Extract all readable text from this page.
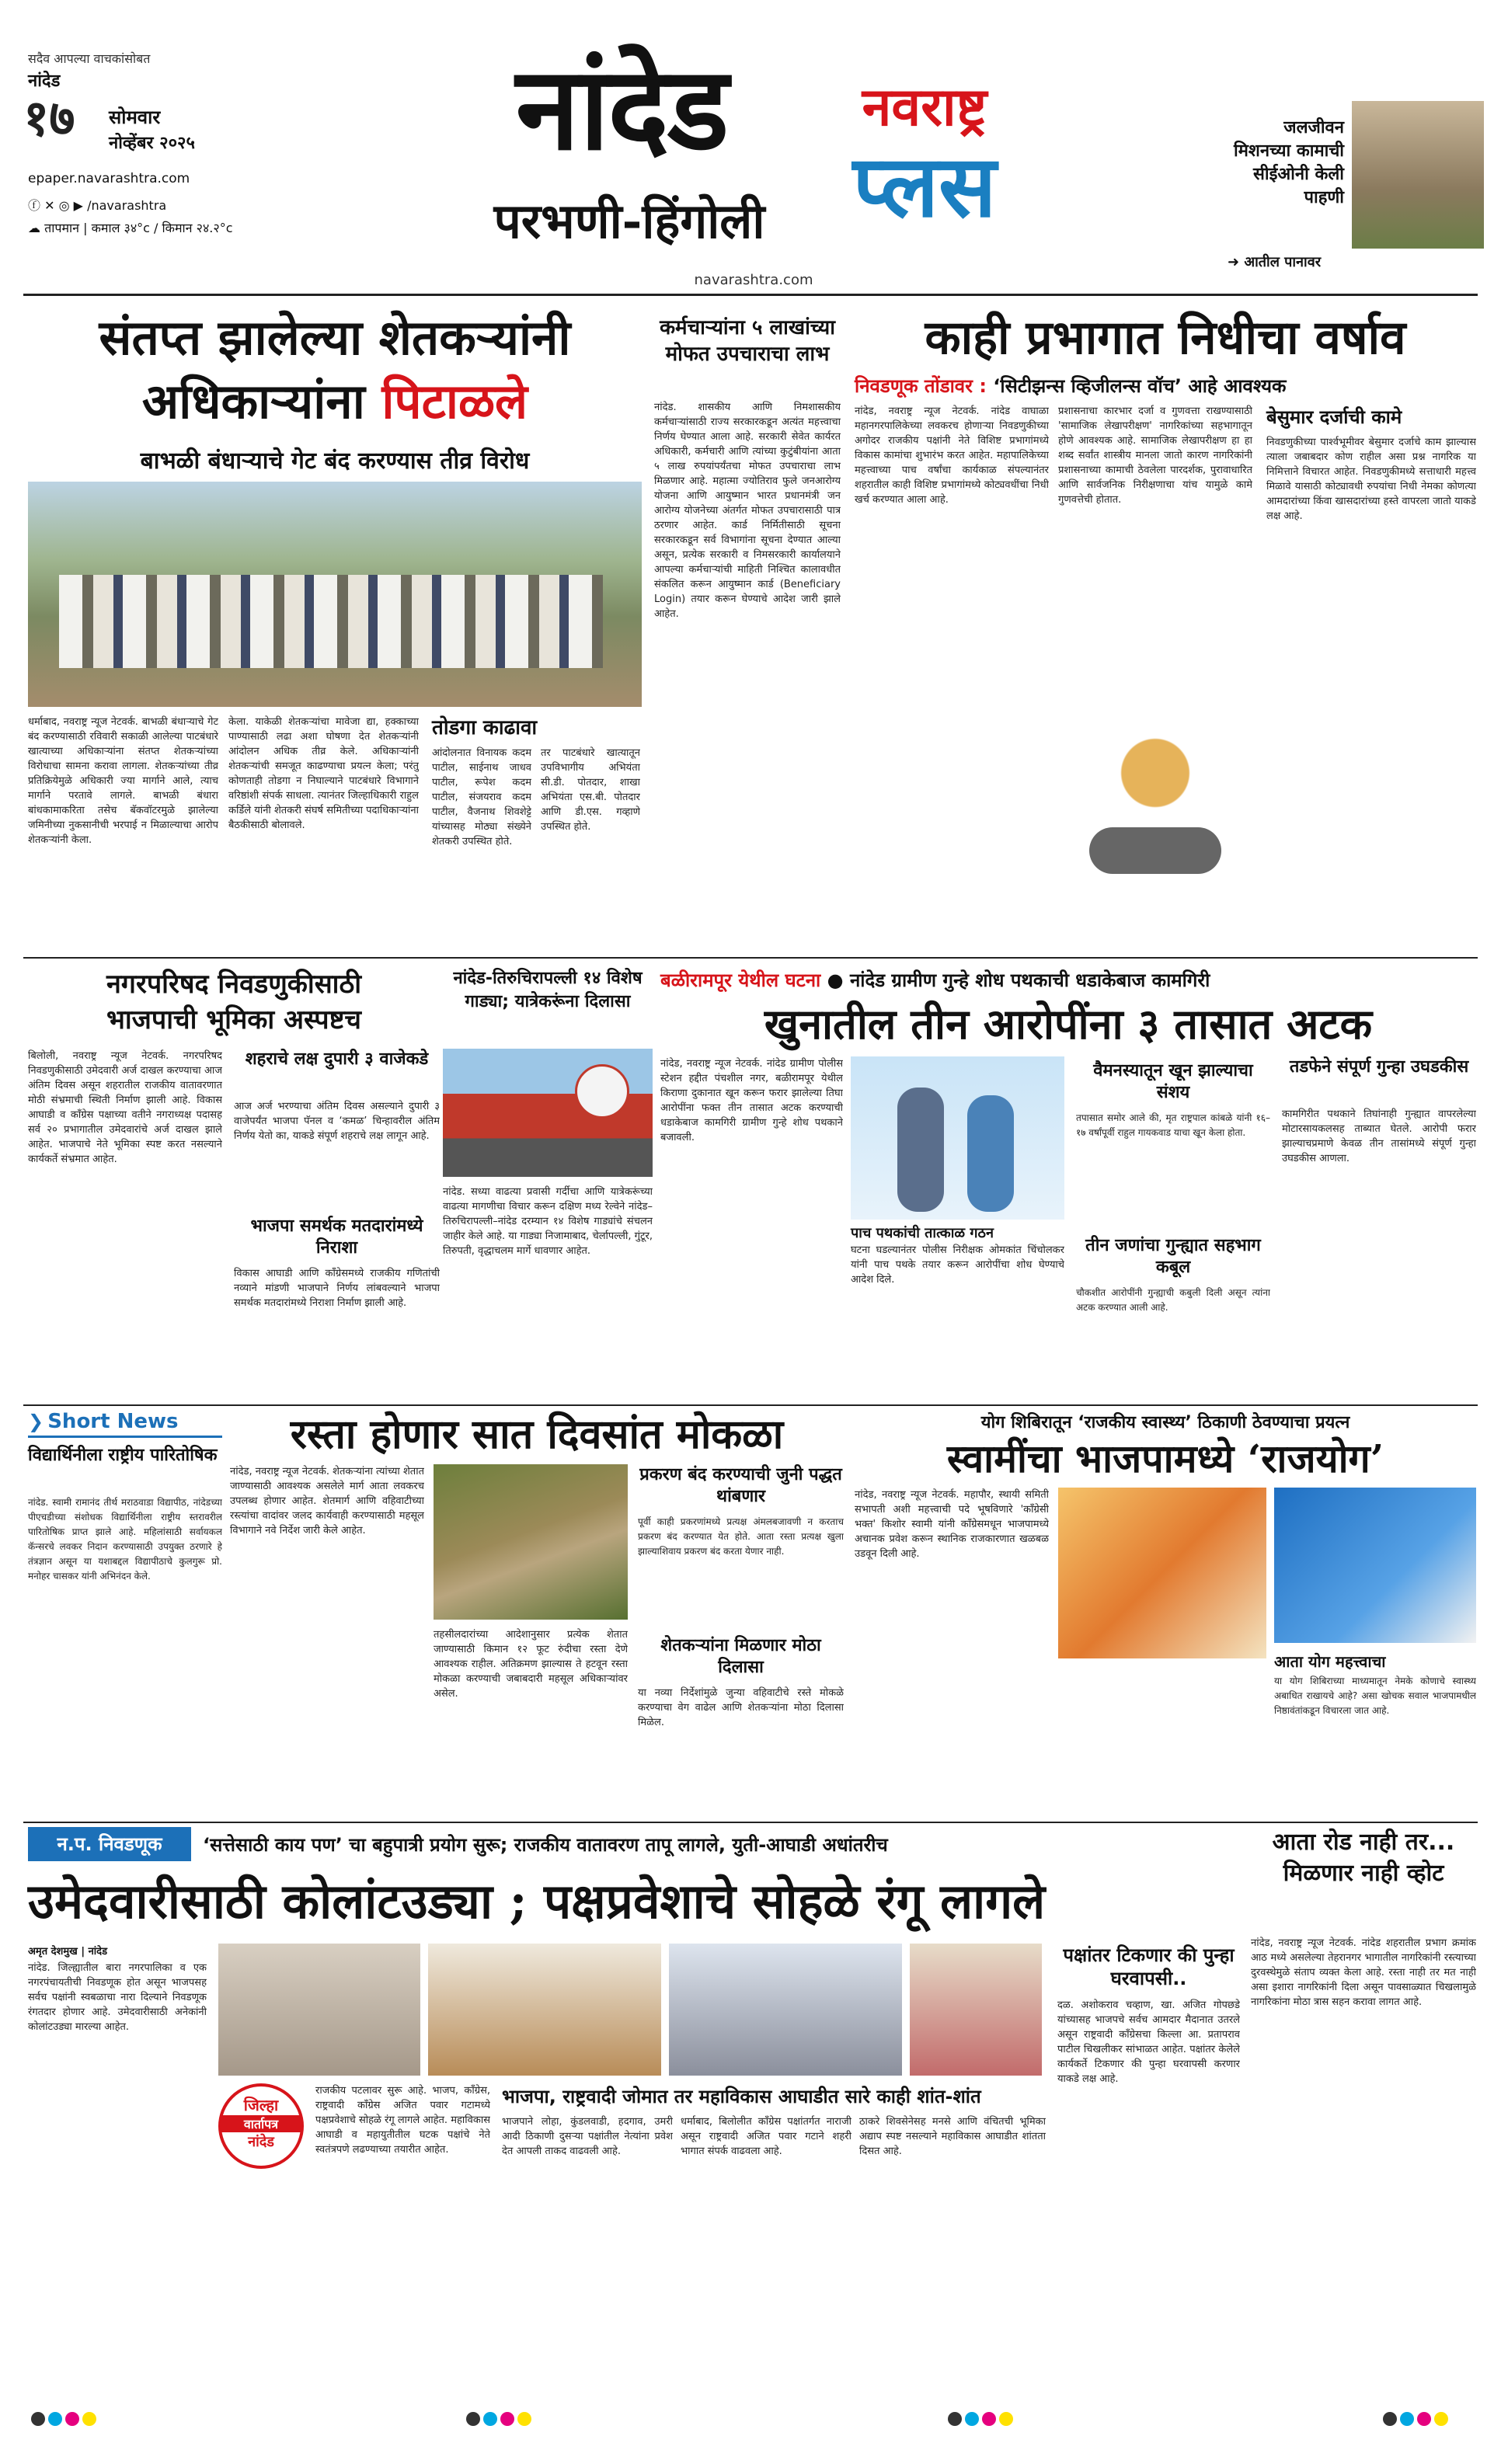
सदैव आपल्या वाचकांसोबत
नांदेड
१७ सोमवार
नोव्हेंबर २०२५
epaper.navarashtra.com
ⓕ ✕ ◎ ▶ /navarashtra
☁ तापमान | कमाल ३४°c / किमान २४.२°c
नांदेड
परभणी-हिंगोली
नवराष्ट्र
प्लस
navarashtra.com
जलजीवन मिशनच्या कामाची सीईओनी केली पाहणी
➜ आतील पानावर
संतप्त झालेल्या शेतकऱ्यांनी
अधिकाऱ्यांना पिटाळले
बाभळी बंधाऱ्याचे गेट बंद करण्यास तीव्र विरोध
धर्माबाद, नवराष्ट्र न्यूज नेटवर्क. बाभळी बंधाऱ्याचे गेट बंद करण्यासाठी रविवारी सकाळी आलेल्या पाटबंधारे खात्याच्या अधिकाऱ्यांना संतप्त शेतकऱ्यांच्या विरोधाचा सामना करावा लागला. शेतकऱ्यांच्या तीव्र प्रतिक्रियेमुळे अधिकारी ज्या मार्गाने आले, त्याच मार्गाने परतावे लागले. बाभळी बंधारा बांधकामाकरिता तसेच बॅकवॉटरमुळे झालेल्या जमिनीच्या नुकसानीची भरपाई न मिळाल्याचा आरोप शेतकऱ्यांनी केला.
केला. याकेळी शेतकऱ्यांचा मावेजा द्या, हक्काच्या पाण्यासाठी लढा अशा घोषणा देत शेतकऱ्यांनी आंदोलन अधिक तीव्र केले. अधिकाऱ्यांनी शेतकऱ्यांची समजूत काढण्याचा प्रयत्न केला; परंतु कोणताही तोडगा न निघाल्याने पाटबंधारे विभागाने वरिष्ठांशी संपर्क साधला. त्यानंतर जिल्हाधिकारी राहुल कर्डिले यांनी शेतकरी संघर्ष समितीच्या पदाधिकाऱ्यांना बैठकीसाठी बोलावले.
तोडगा काढावा
आंदोलनात विनायक कदम पाटील, साईनाथ जाधव पाटील, रूपेश कदम पाटील, संजयराव कदम पाटील, वैजनाथ शिवशेट्टे यांच्यासह मोठ्या संख्येने शेतकरी उपस्थित होते.
तर पाटबंधारे खात्यातून उपविभागीय अभियंता सी.डी. पोतदार, शाखा अभियंता एस.बी. पोतदार आणि डी.एस. गव्हाणे उपस्थित होते.
कर्मचाऱ्यांना ५ लाखांच्या मोफत उपचाराचा लाभ
नांदेड. शासकीय आणि निमशासकीय कर्मचाऱ्यांसाठी राज्य सरकारकडून अत्यंत महत्त्वाचा निर्णय घेण्यात आला आहे. सरकारी सेवेत कार्यरत अधिकारी, कर्मचारी आणि त्यांच्या कुटुंबीयांना आता ५ लाख रुपयांपर्यंतचा मोफत उपचाराचा लाभ मिळणार आहे. महात्मा ज्योतिराव फुले जनआरोग्य योजना आणि आयुष्मान भारत प्रधानमंत्री जन आरोग्य योजनेच्या अंतर्गत मोफत उपचारासाठी पात्र ठरणार आहेत. कार्ड निर्मितीसाठी सूचना सरकारकडून सर्व विभागांना सूचना देण्यात आल्या असून, प्रत्येक सरकारी व निमसरकारी कार्यालयाने आपल्या कर्मचाऱ्यांची माहिती निश्चित कालावधीत संकलित करून आयुष्मान कार्ड (Beneficiary Login) तयार करून घेण्याचे आदेश जारी झाले आहेत.
काही प्रभागात निधीचा वर्षाव
निवडणूक तोंडावर : ‘सिटीझन्स व्हिजीलन्स वॉच’ आहे आवश्यक
नांदेड, नवराष्ट्र न्यूज नेटवर्क. नांदेड वाघाळा महानगरपालिकेच्या लवकरच होणाऱ्या निवडणुकीच्या अगोदर राजकीय पक्षांनी नेते विशिष्ट प्रभागांमध्ये विकास कामांचा शुभारंभ करत आहेत. महापालिकेच्या महत्त्वाच्या पाच वर्षांचा कार्यकाळ संपल्यानंतर शहरातील काही विशिष्ट प्रभागांमध्ये कोट्यवधींचा निधी खर्च करण्यात आला आहे.
प्रशासनाचा कारभार दर्जा व गुणवत्ता राखण्यासाठी 'सामाजिक लेखापरीक्षण' नागरिकांच्या सहभागातून होणे आवश्यक आहे. सामाजिक लेखापरीक्षण हा हा शब्द सर्वांत शास्त्रीय मानला जातो कारण नागरिकांनी प्रशासनाच्या कामाची ठेवलेला पारदर्शक, पुरावाधारित आणि सार्वजनिक निरीक्षणाचा यांच यामुळे कामे गुणवत्तेची होतात.
बेसुमार दर्जाची कामे
निवडणुकीच्या पार्श्वभूमीवर बेसुमार दर्जाचे काम झाल्यास त्याला जबाबदार कोण राहील असा प्रश्न नागरिक या निमित्ताने विचारत आहेत. निवडणुकीमध्ये सत्ताधारी महत्त्व मिळावे यासाठी कोट्यावधी रुपयांचा निधी नेमका कोणत्या आमदारांच्या किंवा खासदारांच्या हस्ते वापरला जातो याकडे लक्ष आहे.
नगरपरिषद निवडणुकीसाठी
भाजपाची भूमिका अस्पष्टच
बिलोली, नवराष्ट्र न्यूज नेटवर्क. नगरपरिषद निवडणुकीसाठी उमेदवारी अर्ज दाखल करण्याचा आज अंतिम दिवस असून शहरातील राजकीय वातावरणात मोठी संभ्रमाची स्थिती निर्माण झाली आहे. विकास आघाडी व काँग्रेस पक्षाच्या वतीने नगराध्यक्ष पदासह सर्व २० प्रभागातील उमेदवारांचे अर्ज दाखल झाले आहेत. भाजपाचे नेते भूमिका स्पष्ट करत नसल्याने कार्यकर्ते संभ्रमात आहेत.
शहराचे लक्ष दुपारी ३ वाजेकडे
आज अर्ज भरण्याचा अंतिम दिवस असल्याने दुपारी ३ वाजेपर्यंत भाजपा पॅनल व ‘कमळ’ चिन्हावरील अंतिम निर्णय येतो का, याकडे संपूर्ण शहराचे लक्ष लागून आहे.
भाजपा समर्थक मतदारांमध्ये निराशा
विकास आघाडी आणि काँग्रेसमध्ये राजकीय गणितांची नव्याने मांडणी भाजपाने निर्णय लांबवल्याने भाजपा समर्थक मतदारांमध्ये निराशा निर्माण झाली आहे.
नांदेड-तिरुचिरापल्ली १४ विशेष गाड्या; यात्रेकरूंना दिलासा
नांदेड. सध्या वाढत्या प्रवासी गर्दीचा आणि यात्रेकरूंच्या वाढत्या मागणीचा विचार करून दक्षिण मध्य रेल्वेने नांदेड–तिरुचिरापल्ली–नांदेड दरम्यान १४ विशेष गाड्यांचे संचलन जाहीर केले आहे. या गाड्या निजामाबाद, चेर्लापल्ली, गुंटूर, तिरुपती, वृद्धाचलम मार्गे धावणार आहेत.
बळीरामपूर येथील घटना ● नांदेड ग्रामीण गुन्हे शोध पथकाची धडाकेबाज कामगिरी
खुनातील तीन आरोपींना ३ तासात अटक
नांदेड, नवराष्ट्र न्यूज नेटवर्क. नांदेड ग्रामीण पोलीस स्टेशन हद्दीत पंचशील नगर, बळीरामपूर येथील किराणा दुकानात खून करून फरार झालेल्या तिघा आरोपींना फक्त तीन तासात अटक करण्याची धडाकेबाज कामगिरी ग्रामीण गुन्हे शोध पथकाने बजावली.
पाच पथकांची तात्काळ गठन
घटना घडल्यानंतर पोलीस निरीक्षक ओमकांत चिंचोलकर यांनी पाच पथके तयार करून आरोपींचा शोध घेण्याचे आदेश दिले.
वैमनस्यातून खून झाल्याचा संशय
तपासात समोर आले की, मृत राष्ट्रपाल कांबळे यांनी १६–१७ वर्षांपूर्वी राहुल गायकवाड याचा खून केला होता.
तीन जणांचा गुन्ह्यात सहभाग कबूल
चौकशीत आरोपींनी गुन्ह्याची कबुली दिली असून त्यांना अटक करण्यात आली आहे.
तडफेने संपूर्ण गुन्हा उघडकीस
कामगिरीत पथकाने तिघांनाही गुन्ह्यात वापरलेल्या मोटारसायकलसह ताब्यात घेतले. आरोपी फरार झाल्याचप्रमाणे केवळ तीन तासांमध्ये संपूर्ण गुन्हा उघडकीस आणला.
❯ Short News
विद्यार्थिनीला राष्ट्रीय पारितोषिक
नांदेड. स्वामी रामानंद तीर्थ मराठवाडा विद्यापीठ, नांदेडच्या पीएचडीच्या संशोधक विद्यार्थिनीला राष्ट्रीय स्तरावरील पारितोषिक प्राप्त झाले आहे. महिलांसाठी सर्वायकल कॅन्सरचे लवकर निदान करण्यासाठी उपयुक्त ठरणारे हे तंत्रज्ञान असून या यशाबद्दल विद्यापीठाचे कुलगुरू प्रो. मनोहर चासकर यांनी अभिनंदन केले.
रस्ता होणार सात दिवसांत मोकळा
नांदेड, नवराष्ट्र न्यूज नेटवर्क. शेतकऱ्यांना त्यांच्या शेतात जाण्यासाठी आवश्यक असलेले मार्ग आता लवकरच उपलब्ध होणार आहेत. शेतमार्ग आणि वहिवाटीच्या रस्त्यांचा वादांवर जलद कार्यवाही करण्यासाठी महसूल विभागाने नवे निर्देश जारी केले आहेत.
तहसीलदारांच्या आदेशानुसार प्रत्येक शेतात जाण्यासाठी किमान १२ फूट रुंदीचा रस्ता देणे आवश्यक राहील. अतिक्रमण झाल्यास ते हटवून रस्ता मोकळा करण्याची जबाबदारी महसूल अधिकाऱ्यांवर असेल.
प्रकरण बंद करण्याची जुनी पद्धत थांबणार
पूर्वी काही प्रकरणांमध्ये प्रत्यक्ष अंमलबजावणी न करताच प्रकरण बंद करण्यात येत होते. आता रस्ता प्रत्यक्ष खुला झाल्याशिवाय प्रकरण बंद करता येणार नाही.
शेतकऱ्यांना मिळणार मोठा दिलासा
या नव्या निर्देशांमुळे जुन्या वहिवाटीचे रस्ते मोकळे करण्याचा वेग वाढेल आणि शेतकऱ्यांना मोठा दिलासा मिळेल.
योग शिबिरातून ‘राजकीय स्वास्थ्य’ ठिकाणी ठेवण्याचा प्रयत्न
स्वामींचा भाजपामध्ये ‘राजयोग’
नांदेड, नवराष्ट्र न्यूज नेटवर्क. महापौर, स्थायी समिती सभापती अशी महत्त्वाची पदे भूषविणारे 'काँग्रेसी भक्त' किशोर स्वामी यांनी काँग्रेसमधून भाजपामध्ये अचानक प्रवेश करून स्थानिक राजकारणात खळबळ उडवून दिली आहे.
आता योग महत्त्वाचा
या योग शिबिराच्या माध्यमातून नेमके कोणाचे स्वास्थ्य अबाधित राखायचे आहे? असा खोचक सवाल भाजपामधील निष्ठावंतांकडून विचारला जात आहे.
न.प. निवडणूक	‘सत्तेसाठी काय पण’ चा बहुपात्री प्रयोग सुरू; राजकीय वातावरण तापू लागले, युती-आघाडी अधांतरीच
उमेदवारीसाठी कोलांटउड्या ; पक्षप्रवेशाचे सोहळे रंगू लागले
अमृत देशमुख | नांदेड
नांदेड. जिल्ह्यातील बारा नगरपालिका व एक नगरपंचायतीची निवडणूक होत असून भाजपसह सर्वच पक्षांनी स्वबळाचा नारा दिल्याने निवडणूक रंगतदार होणार आहे. उमेदवारीसाठी अनेकांनी कोलांटउड्या मारल्या आहेत.
जिल्हा
वार्तापत्र
नांदेड
राजकीय पटलावर सुरू आहे. भाजप, काँग्रेस, राष्ट्रवादी काँग्रेस अजित पवार गटामध्ये पक्षप्रवेशाचे सोहळे रंगू लागले आहेत. महाविकास आघाडी व महायुतीतील घटक पक्षांचे नेते स्वतंत्रपणे लढण्याच्या तयारीत आहेत.
भाजपा, राष्ट्रवादी जोमात तर महाविकास आघाडीत सारे काही शांत-शांत
भाजपाने लोहा, कुंडलवाडी, हदगाव, उमरी आदी ठिकाणी दुसऱ्या पक्षांतील नेत्यांना प्रवेश देत आपली ताकद वाढवली आहे.
धर्माबाद, बिलोलीत काँग्रेस पक्षांतर्गत नाराजी असून राष्ट्रवादी अजित पवार गटाने शहरी भागात संपर्क वाढवला आहे.
ठाकरे शिवसेनेसह मनसे आणि वंचितची भूमिका अद्याप स्पष्ट नसल्याने महाविकास आघाडीत शांतता दिसत आहे.
पक्षांतर टिकणार की पुन्हा घरवापसी..
दळ. अशोकराव चव्हाण, खा. अजित गोपछडे यांच्यासह भाजपचे सर्वच आमदार मैदानात उतरले असून राष्ट्रवादी काँग्रेसचा किल्ला आ. प्रतापराव पाटील चिखलीकर सांभाळत आहेत. पक्षांतर केलेले कार्यकर्ते टिकणार की पुन्हा घरवापसी करणार याकडे लक्ष आहे.
आता रोड नाही तर... मिळणार नाही व्होट
नांदेड, नवराष्ट्र न्यूज नेटवर्क. नांदेड शहरातील प्रभाग क्रमांक आठ मध्ये असलेल्या तेहरानगर भागातील नागरिकांनी रस्त्याच्या दुरवस्थेमुळे संताप व्यक्त केला आहे. रस्ता नाही तर मत नाही असा इशारा नागरिकांनी दिला असून पावसाळ्यात चिखलामुळे नागरिकांना मोठा त्रास सहन करावा लागत आहे.
